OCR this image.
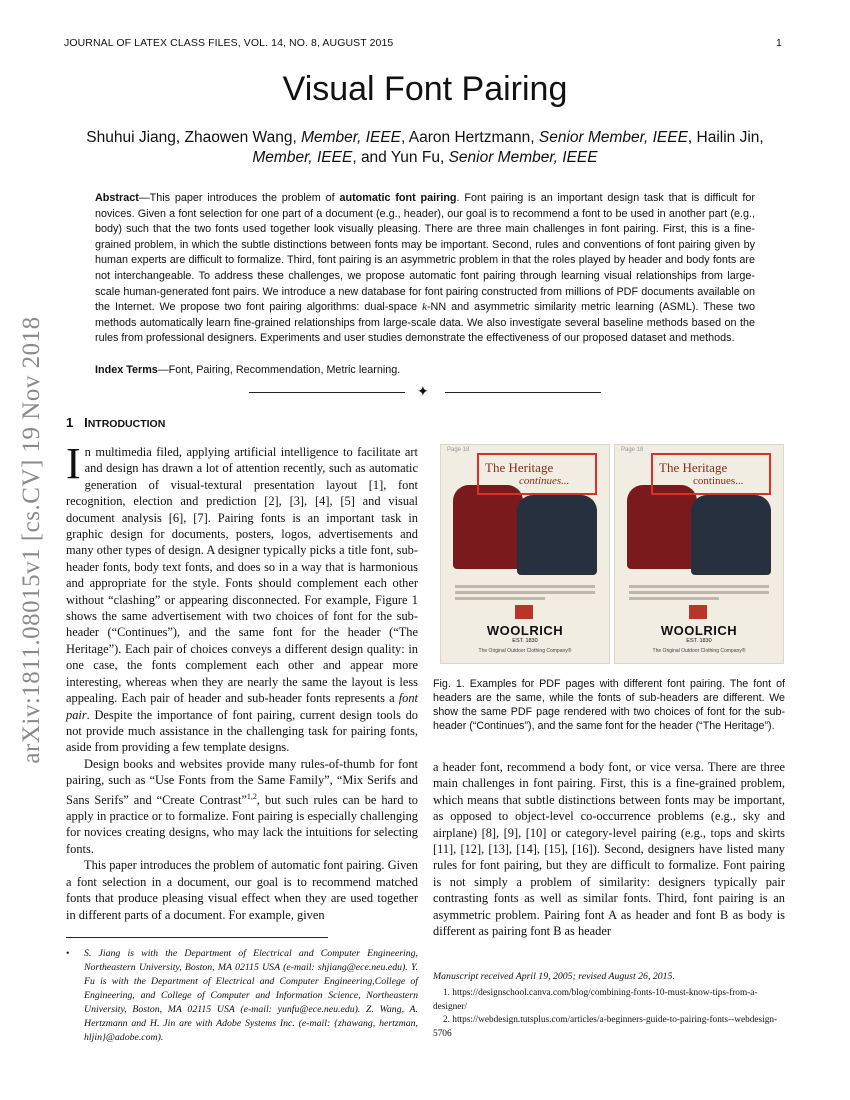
JOURNAL OF LATEX CLASS FILES, VOL. 14, NO. 8, AUGUST 2015	1
Visual Font Pairing
Shuhui Jiang, Zhaowen Wang, Member, IEEE, Aaron Hertzmann, Senior Member, IEEE, Hailin Jin,
Member, IEEE, and Yun Fu, Senior Member, IEEE
Abstract—This paper introduces the problem of automatic font pairing. Font pairing is an important design task that is difficult for novices. Given a font selection for one part of a document (e.g., header), our goal is to recommend a font to be used in another part (e.g., body) such that the two fonts used together look visually pleasing. There are three main challenges in font pairing. First, this is a fine-grained problem, in which the subtle distinctions between fonts may be important. Second, rules and conventions of font pairing given by human experts are difficult to formalize. Third, font pairing is an asymmetric problem in that the roles played by header and body fonts are not interchangeable. To address these challenges, we propose automatic font pairing through learning visual relationships from large-scale human-generated font pairs. We introduce a new database for font pairing constructed from millions of PDF documents available on the Internet. We propose two font pairing algorithms: dual-space k-NN and asymmetric similarity metric learning (ASML). These two methods automatically learn fine-grained relationships from large-scale data. We also investigate several baseline methods based on the rules from professional designers. Experiments and user studies demonstrate the effectiveness of our proposed dataset and methods.
Index Terms—Font, Pairing, Recommendation, Metric learning.
✦
arXiv:1811.08015v1 [cs.CV] 19 Nov 2018 1 INTRODUCTION

In multimedia filed, applying artificial intelligence to facilitate art and design has drawn a lot of attention recently, such as automatic generation of visual-textural presentation layout [1], font recognition, election and prediction [2], [3], [4], [5] and visual document analysis [6], [7]. Pairing fonts is an important task in graphic design for documents, posters, logos, advertisements and many other types of design. A designer typically picks a title font, sub-header fonts, body text fonts, and does so in a way that is harmonious and appropriate for the style. Fonts should complement each other without “clashing” or appearing disconnected. For example, Figure 1 shows the same advertisement with two choices of font for the sub-header (“Continues”), and the same font for the header (“The Heritage”). Each pair of choices conveys a different design quality: in one case, the fonts complement each other and appear more interesting, whereas when they are nearly the same the layout is less appealing. Each pair of header and sub-header fonts represents a font pair. Despite the importance of font pairing, current design tools do not provide much assistance in the challenging task for pairing fonts, aside from providing a few template designs.

Design books and websites provide many rules-of-thumb for font pairing, such as “Use Fonts from the Same Family”, “Mix Serifs and Sans Serifs” and “Create Contrast”$^{1,2}$, but such rules can be hard to apply in practice or to formalize. Font pairing is especially challenging for novices creating designs, who may lack the intuitions for selecting fonts.

This paper introduces the problem of automatic font pairing. Given a font selection in a document, our goal is to recommend matched fonts that produce pleasing visual effect when they are used together in different parts of a document. For example, given

Page 18
The Heritage
continues...
WOOLRICH
EST. 1830
The Original Outdoor Clothing Company®
Page 18
The Heritage
continues...
WOOLRICH
EST. 1830
The Original Outdoor Clothing Company®
Fig. 1. Examples for PDF pages with different font pairing. The font of headers are the same, while the fonts of sub-headers are different. We show the same PDF page rendered with two choices of font for the sub-header (“Continues”), and the same font for the header (“The Heritage”).

a header font, recommend a body font, or vice versa. There are three main challenges in font pairing. First, this is a fine-grained problem, which means that subtle distinctions between fonts may be important, as opposed to object-level co-occurrence problems (e.g., sky and airplane) [8], [9], [10] or category-level pairing (e.g., tops and skirts [11], [12], [13], [14], [15], [16]). Second, designers have listed many rules for font pairing, but they are difficult to formalize. Font pairing is not simply a problem of similarity: designers typically pair contrasting fonts as well as similar fonts. Third, font pairing is an asymmetric problem. Pairing font A as header and font B as body is different as pairing font B as header

• S. Jiang is with the Department of Electrical and Computer Engineering, Northeastern University, Boston, MA 02115 USA (e-mail: shjiang@ece.neu.edu). Y. Fu is with the Department of Electrical and Computer Engineering,College of Engineering, and College of Computer and Information Science, Northeastern University, Boston, MA 02115 USA (e-mail: yunfu@ece.neu.edu). Z. Wang, A. Hertzmann and H. Jin are with Adobe Systems Inc. (e-mail: {zhawang, hertzman, hljin}@adobe.com).
Manuscript received April 19, 2005; revised August 26, 2015.
1. https://designschool.canva.com/blog/combining-fonts-10-must-know-tips-from-a-designer/
2. https://webdesign.tutsplus.com/articles/a-beginners-guide-to-pairing-fonts--webdesign-5706
